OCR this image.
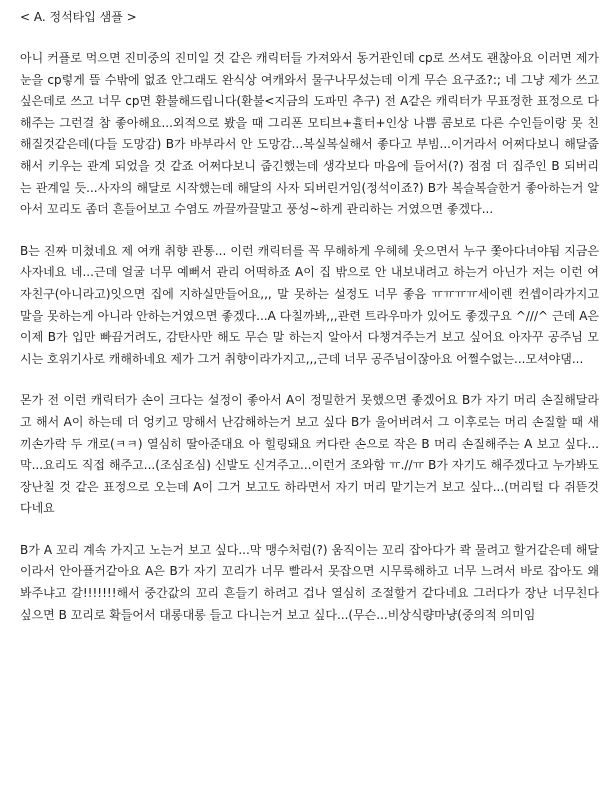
< A. 정석타입 샘플 >

아니 커플로 먹으면 진미중의 진미일 것 같은 캐릭터들 가져와서 동거관인데 cp로 쓰셔도 괜찮아요 이러면 제가 눈을 cp렇게 뜰 수밖에 없죠 안그래도 완식상 여캐와서 물구나무섰는데 이게 무슨 요구죠?:; 네 그냥 제가 쓰고싶은데로 쓰고 너무 cp면 환불해드립니다(환불<지금의 도파민 추구) 전 A같은 캐릭터가 무표정한 표정으로 다해주는 그런걸 참 좋아해요...외적으로 봤을 때 그리폰 모티브+휼터+인상 나쁨 콤보로 다른 수인들이랑 못 친해질것같은데(다들 도망감) B가 바부라서 안 도망감...복실복실해서 좋다고 부빔...이거라서 어쩌다보니 해달줍해서 키우는 관계 되었을 것 같죠 어쩌다보니 줍긴했는데 생각보다 마음에 들어서(?) 점점 더 집주인 B 되버리는 관계일 듯...사자의 해달로 시작했는데 해달의 사자 되버린거임(정석이죠?) B가 복슬복슬한거 좋아하는거 알아서 꼬리도 좀더 흔들어보고 수염도 까끌까끌말고 풍성~하게 관리하는 거였으면 좋겠다...

B는 진짜 미쳤네요 제 여캐 취향 관통... 이런 캐릭터를 꼭 무해하게 우헤헤 웃으면서 누구 쫓아다녀야됨 지금은 사자네요 네...근데 얼굴 너무 예뻐서 관리 어떡하죠 A이 집 밖으로 안 내보내려고 하는거 아닌가 저는 이런 여자친구(아니라고)잇으면 집에 지하실만들어요,,, 말 못하는 설정도 너무 좋음 ㅠㅠㅠㅠ세이렌 컨셉이라가지고 말을 못하는게 아니라 안하는거였으면 좋겠다...A 다칠까봐,,,관련 트라우마가 있어도 좋겠구요 ^///^ 근데 A은 이제 B가 입만 빠끔거려도, 감탄사만 해도 무슨 말 하는지 알아서 다챙겨주는거 보고 싶어요 아자꾸 공주님 모시는 호위기사로 캐해하네요 제가 그거 취향이라가지고,,,근데 너무 공주님이잖아요 어쩔수없는...모셔야댐...

몬가 전 이런 캐릭터가 손이 크다는 설정이 좋아서 A이 정밀한거 못했으면 좋겠어요 B가 자기 머리 손질해달라고 해서 A이 하는데 더 엉키고 망해서 난감해하는거 보고 싶다 B가 울어버려서 그 이후로는 머리 손질할 때 새끼손가락 두 개로(ㅋㅋ) 열심히 딸아준대요 아 힐링돼요 커다란 손으로 작은 B 머리 손질해주는 A 보고 싶다... 막...요리도 직접 해주고...(조심조심) 신발도 신겨주고...이런거 조와함 ㅠ.//ㅠ B가 자기도 해주겠다고 누가봐도 장난칠 것 같은 표정으로 오는데 A이 그거 보고도 하라면서 자기 머리 맡기는거 보고 싶다...(머리털 다 쥐뜯것다네요

B가 A 꼬리 계속 가지고 노는거 보고 싶다...막 맹수처럼(?) 움직이는 꼬리 잡아다가 콱 물려고 할거같은데 해달이라서 안아플거같아요 A은 B가 자기 꼬리가 너무 빨라서 못잡으면 시무룩해하고 너무 느려서 바로 잡아도 왜 봐주냐고 갈!!!!!!!해서 중간값의 꼬리 흔들기 하려고 겁나 열심히 조절할거 같다네요 그러다가 장난 너무친다 싶으면 B 꼬리로 확들어서 대롱대롱 들고 다니는거 보고 싶다...(무슨...비상식량마냥(중의적 의미임
